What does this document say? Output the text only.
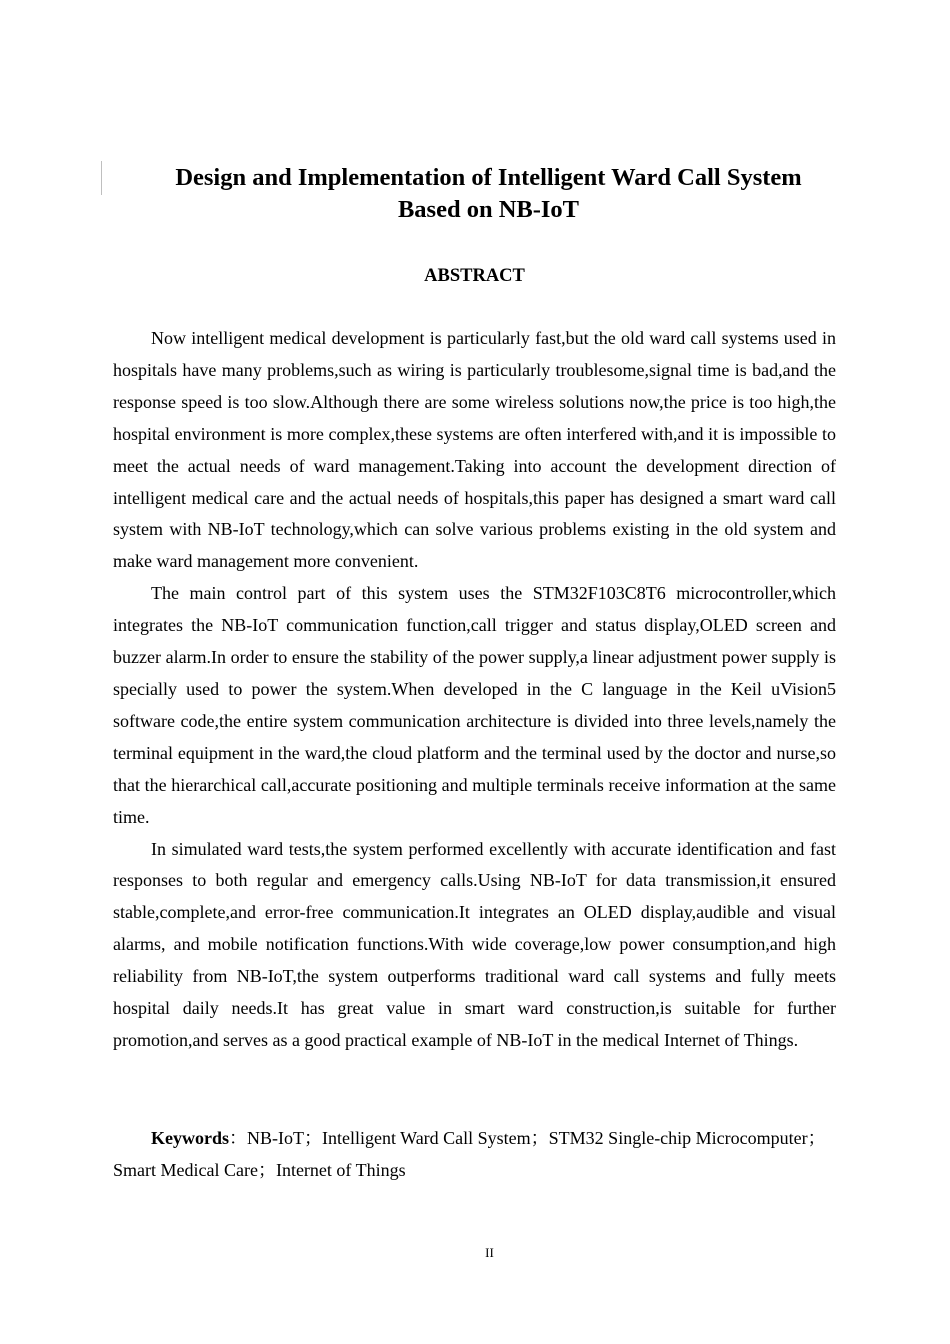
Design and Implementation of Intelligent Ward Call System
Based on NB-IoT
ABSTRACT

Now intelligent medical development is particularly fast,but the old ward call systems used in hospitals have many problems,such as wiring is particularly troublesome,signal time is bad,and the response speed is too slow.Although there are some wireless solutions now,the price is too high,the hospital environment is more complex,these systems are often interfered with,and it is impossible to meet the actual needs of ward management.Taking into account the development direction of intelligent medical care and the actual needs of hospitals,this paper has designed a smart ward call system with NB-IoT technology,which can solve various problems existing in the old system and make ward management more convenient.

The main control part of this system uses the STM32F103C8T6 microcontroller,which integrates the NB-IoT communication function,call trigger and status display,OLED screen and buzzer alarm.In order to ensure the stability of the power supply,a linear adjustment power supply is specially used to power the system.When developed in the C language in the Keil uVision5 software code,the entire system communication architecture is divided into three levels,namely the terminal equipment in the ward,the cloud platform and the terminal used by the doctor and nurse,so that the hierarchical call,accurate positioning and multiple terminals receive information at the same time.

In simulated ward tests,the system performed excellently with accurate identification and fast responses to both regular and emergency calls.Using NB-IoT for data transmission,it ensured stable,complete,and error-free communication.It integrates an OLED display,audible and visual alarms, and mobile notification functions.With wide coverage,low power consumption,and high reliability from NB-IoT,the system outperforms traditional ward call systems and fully meets hospital daily needs.It has great value in smart ward construction,is suitable for further promotion,and serves as a good practical example of NB-IoT in the medical Internet of Things.

Keywords：NB-IoT；Intelligent Ward Call System；STM32 Single-chip Microcomputer；Smart Medical Care；Internet of Things

II
